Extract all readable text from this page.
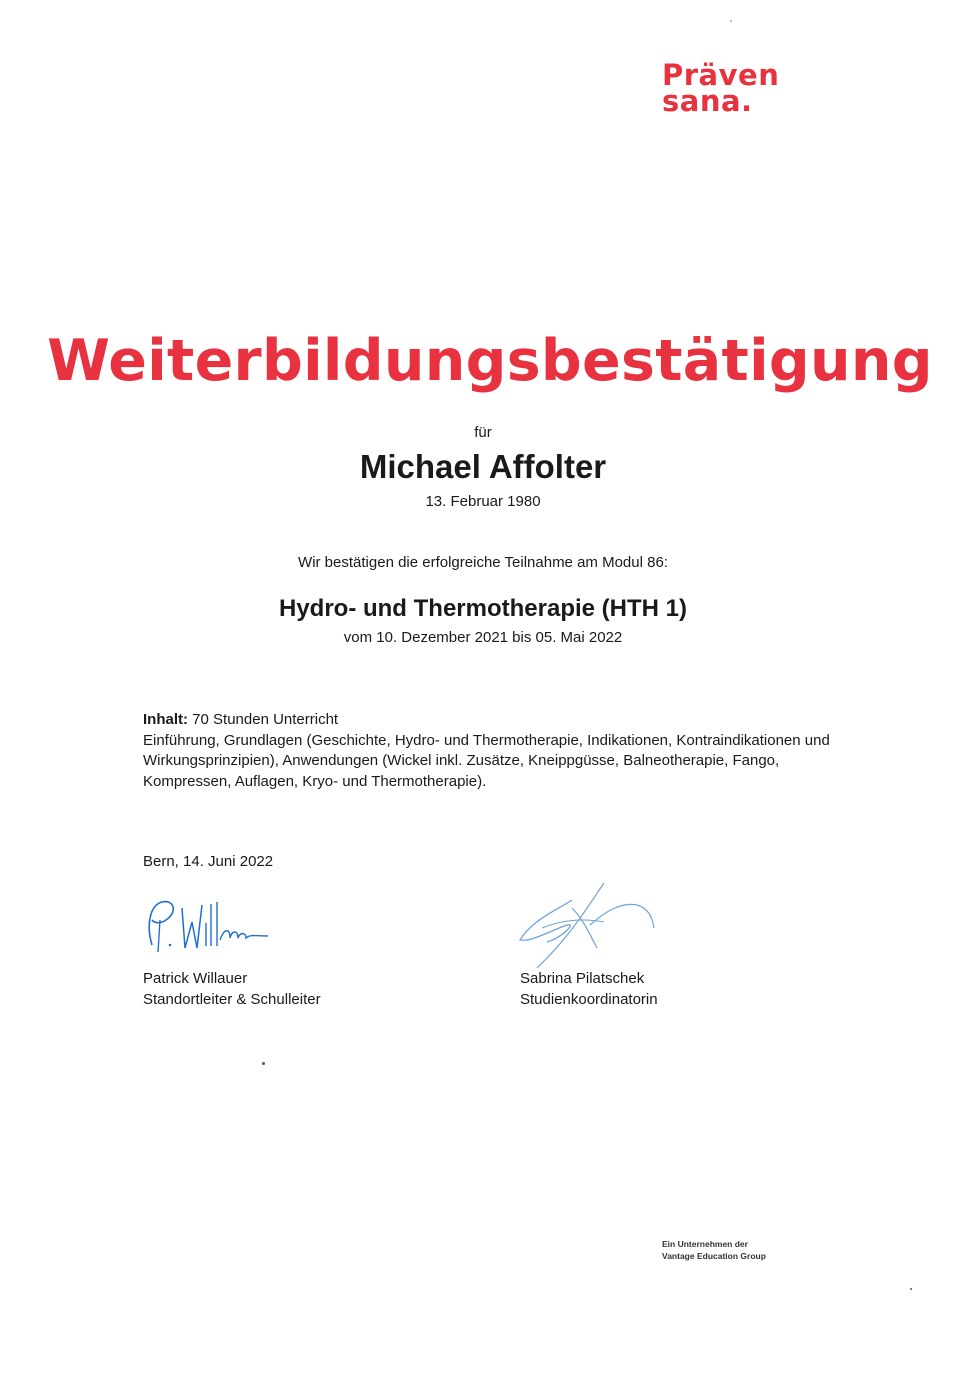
Präven
sana.
Weiterbildungsbestätigung
für
Michael Affolter
13. Februar 1980
Wir bestätigen die erfolgreiche Teilnahme am Modul 86:
Hydro- und Thermotherapie (HTH 1)
vom 10. Dezember 2021 bis 05. Mai 2022
Inhalt: 70 Stunden Unterricht
Einführung, Grundlagen (Geschichte, Hydro- und Thermotherapie, Indikationen, Kontraindikationen und Wirkungsprinzipien), Anwendungen (Wickel inkl. Zusätze, Kneippgüsse, Balneotherapie, Fango, Kompressen, Auflagen, Kryo- und Thermotherapie).
Bern, 14. Juni 2022
Patrick Willauer
Standortleiter & Schulleiter
Sabrina Pilatschek
Studienkoordinatorin
Ein Unternehmen der
Vantage Education Group
